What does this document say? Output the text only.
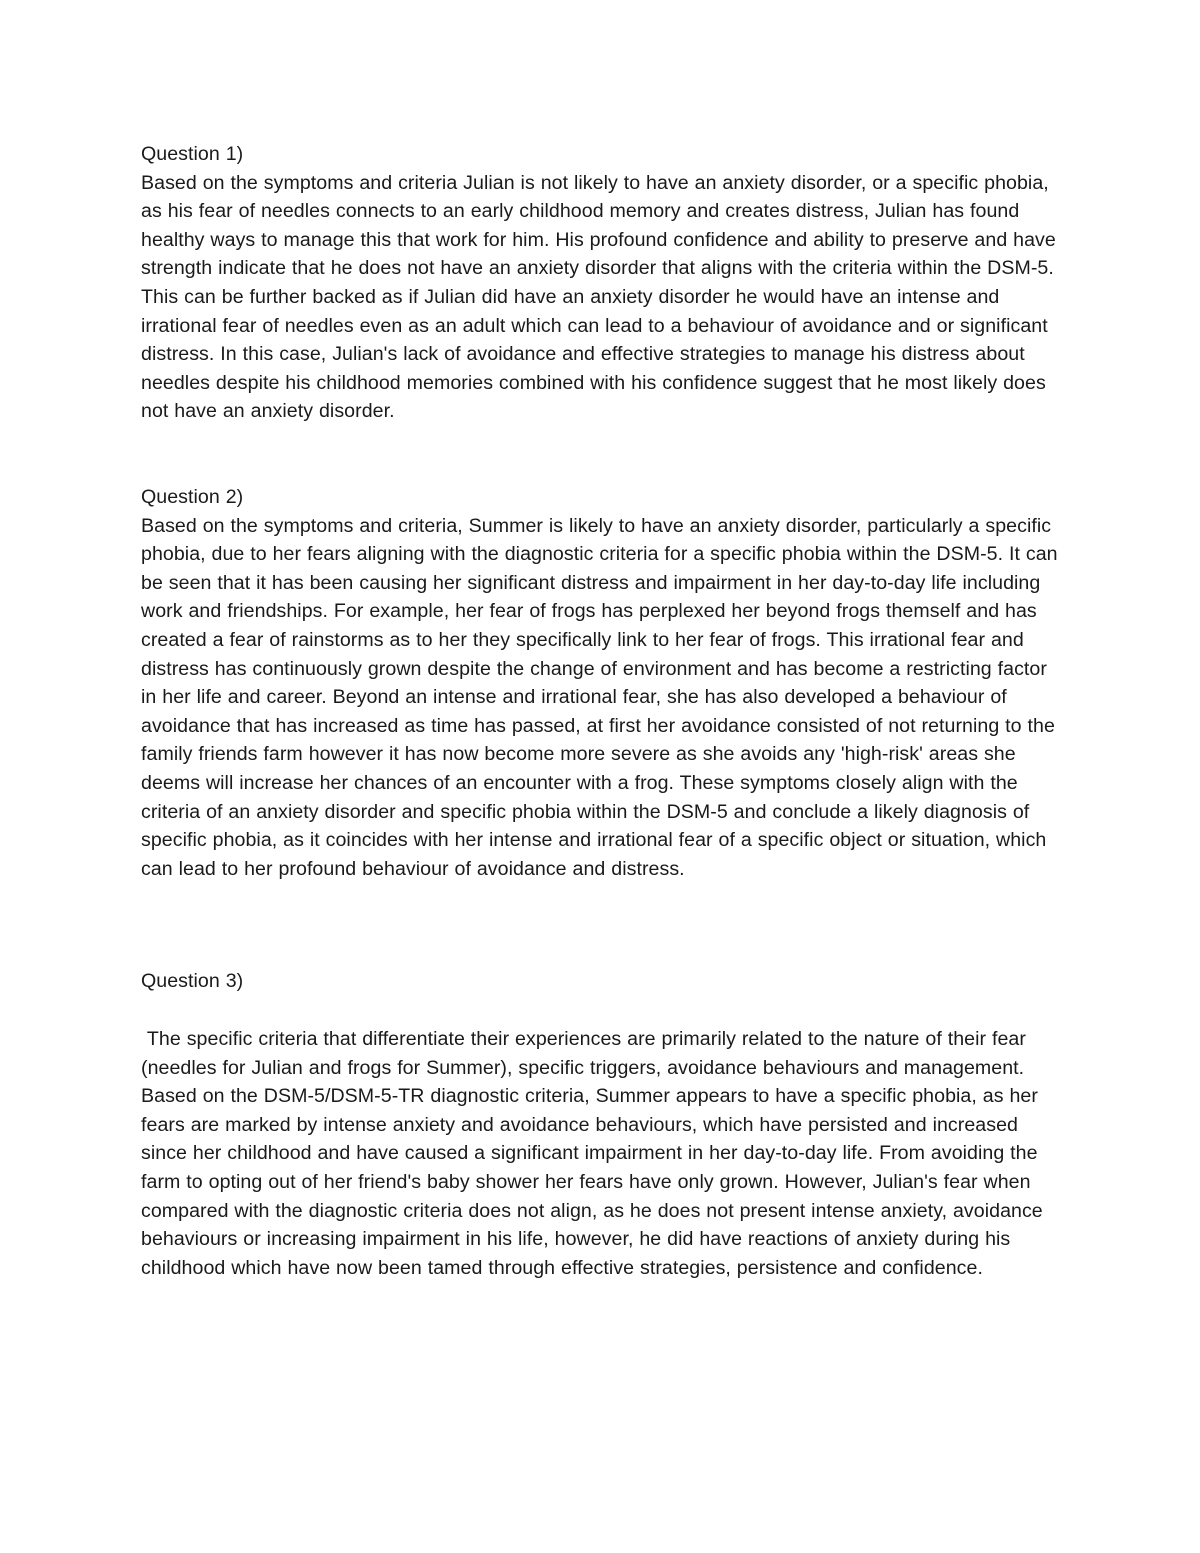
Question 1)

Based on the symptoms and criteria Julian is not likely to have an anxiety disorder, or a specific phobia, as his fear of needles connects to an early childhood memory and creates distress, Julian has found healthy ways to manage this that work for him. His profound confidence and ability to preserve and have strength indicate that he does not have an anxiety disorder that aligns with the criteria within the DSM-5. This can be further backed as if Julian did have an anxiety disorder he would have an intense and irrational fear of needles even as an adult which can lead to a behaviour of avoidance and or significant distress. In this case, Julian's lack of avoidance and effective strategies to manage his distress about needles despite his childhood memories combined with his confidence suggest that he most likely does not have an anxiety disorder.

Question 2)

Based on the symptoms and criteria, Summer is likely to have an anxiety disorder, particularly a specific phobia, due to her fears aligning with the diagnostic criteria for a specific phobia within the DSM-5. It can be seen that it has been causing her significant distress and impairment in her day-to-day life including work and friendships. For example, her fear of frogs has perplexed her beyond frogs themself and has created a fear of rainstorms as to her they specifically link to her fear of frogs. This irrational fear and distress has continuously grown despite the change of environment and has become a restricting factor in her life and career. Beyond an intense and irrational fear, she has also developed a behaviour of avoidance that has increased as time has passed, at first her avoidance consisted of not returning to the family friends farm however it has now become more severe as she avoids any 'high-risk' areas she deems will increase her chances of an encounter with a frog. These symptoms closely align with the criteria of an anxiety disorder and specific phobia within the DSM-5 and conclude a likely diagnosis of specific phobia, as it coincides with her intense and irrational fear of a specific object or situation, which can lead to her profound behaviour of avoidance and distress.

Question 3)

The specific criteria that differentiate their experiences are primarily related to the nature of their fear (needles for Julian and frogs for Summer), specific triggers, avoidance behaviours and management. Based on the DSM-5/DSM-5-TR diagnostic criteria, Summer appears to have a specific phobia, as her fears are marked by intense anxiety and avoidance behaviours, which have persisted and increased since her childhood and have caused a significant impairment in her day-to-day life. From avoiding the farm to opting out of her friend's baby shower her fears have only grown. However, Julian's fear when compared with the diagnostic criteria does not align, as he does not present intense anxiety, avoidance behaviours or increasing impairment in his life, however, he did have reactions of anxiety during his childhood which have now been tamed through effective strategies, persistence and confidence.
